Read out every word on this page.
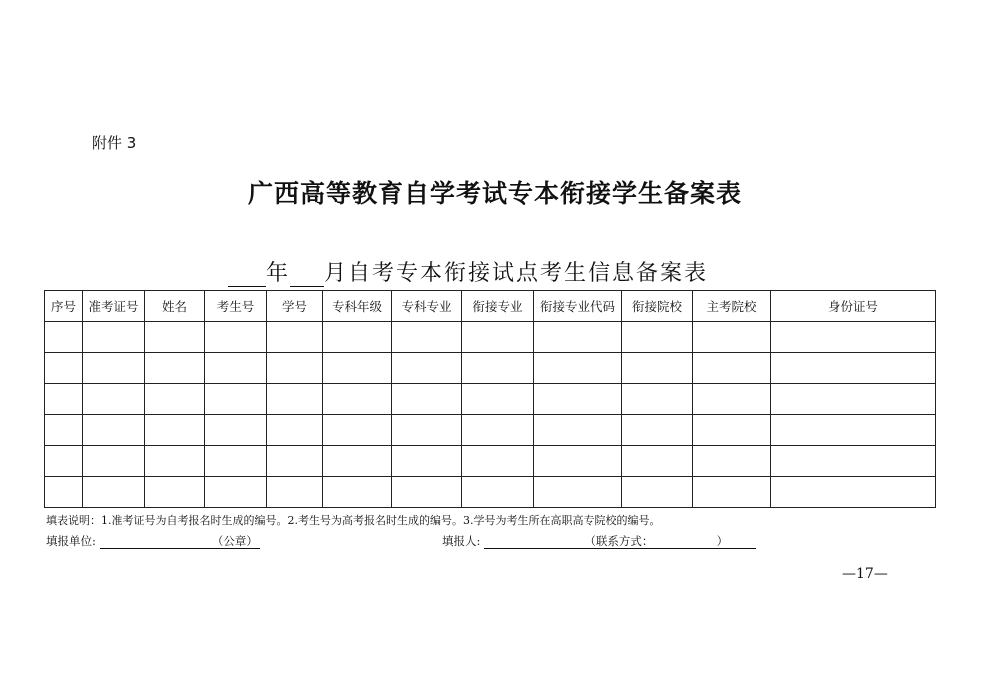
附件 3
广西高等教育自学考试专本衔接学生备案表
年 月自考专本衔接试点考生信息备案表
序号	准考证号	姓名	考生号	学号	专科年级	专科专业	衔接专业	衔接专业代码	衔接院校	主考院校	身份证号

填表说明：1.准考证号为自考报名时生成的编号。2.考生号为高考报名时生成的编号。3.学号为考生所在高职高专院校的编号。
填报单位:	（公章）	填报人:	（联系方式：　　　　　　）
—17—
